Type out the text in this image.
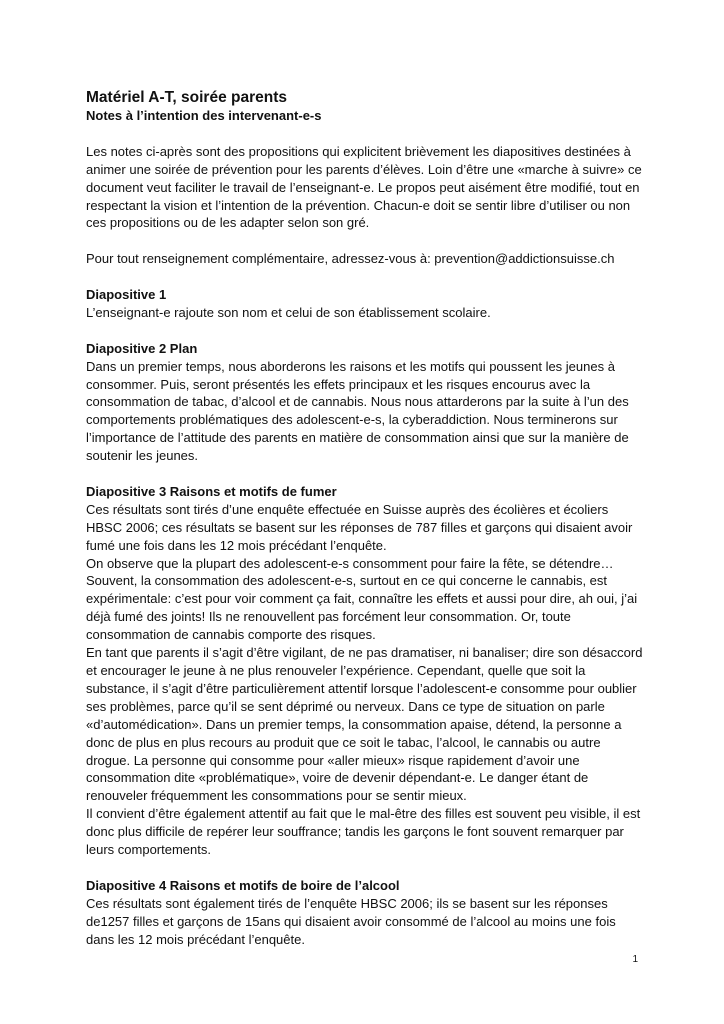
Matériel A-T, soirée parents

Notes à l’intention des intervenant-e-s

Les notes ci-après sont des propositions qui explicitent brièvement les diapositives destinées à animer une soirée de prévention pour les parents d’élèves. Loin d’être une «marche à suivre» ce document veut faciliter le travail de l’enseignant-e. Le propos peut aisément être modifié, tout en respectant la vision et l’intention de la prévention. Chacun-e doit se sentir libre d’utiliser ou non ces propositions ou de les adapter selon son gré.

Pour tout renseignement complémentaire, adressez-vous à: prevention@addictionsuisse.ch

Diapositive 1

L’enseignant-e rajoute son nom et celui de son établissement scolaire.

Diapositive 2 Plan

Dans un premier temps, nous aborderons les raisons et les motifs qui poussent les jeunes à consommer. Puis, seront présentés les effets principaux et les risques encourus avec la consommation de tabac, d’alcool et de cannabis. Nous nous attarderons par la suite à l’un des comportements problématiques des adolescent-e-s, la cyberaddiction. Nous terminerons sur l’importance de l’attitude des parents en matière de consommation ainsi que sur la manière de soutenir les jeunes.

Diapositive 3 Raisons et motifs de fumer

Ces résultats sont tirés d’une enquête effectuée en Suisse auprès des écolières et écoliers HBSC 2006; ces résultats se basent sur les réponses de 787 filles et garçons qui disaient avoir fumé une fois dans les 12 mois précédant l’enquête.

On observe que la plupart des adolescent-e-s consomment pour faire la fête, se détendre… Souvent, la consommation des adolescent-e-s, surtout en ce qui concerne le cannabis, est expérimentale: c’est pour voir comment ça fait, connaître les effets et aussi pour dire, ah oui, j’ai déjà fumé des joints! Ils ne renouvellent pas forcément leur consommation. Or, toute consommation de cannabis comporte des risques.

En tant que parents il s’agit d’être vigilant, de ne pas dramatiser, ni banaliser; dire son désaccord et encourager le jeune à ne plus renouveler l’expérience. Cependant, quelle que soit la substance, il s’agit d’être particulièrement attentif lorsque l’adolescent-e consomme pour oublier ses problèmes, parce qu’il se sent déprimé ou nerveux. Dans ce type de situation on parle «d’automédication». Dans un premier temps, la consommation apaise, détend, la personne a donc de plus en plus recours au produit que ce soit le tabac, l’alcool, le cannabis ou autre drogue. La personne qui consomme pour «aller mieux» risque rapidement d’avoir une consommation dite «problématique», voire de devenir dépendant-e. Le danger étant de renouveler fréquemment les consommations pour se sentir mieux.

Il convient d’être également attentif au fait que le mal-être des filles est souvent peu visible, il est donc plus difficile de repérer leur souffrance; tandis les garçons le font souvent remarquer par leurs comportements.

Diapositive 4 Raisons et motifs de boire de l’alcool

Ces résultats sont également tirés de l’enquête HBSC 2006; ils se basent sur les réponses de1257 filles et garçons de 15ans qui disaient avoir consommé de l’alcool au moins une fois dans les 12 mois précédant l’enquête.

1
